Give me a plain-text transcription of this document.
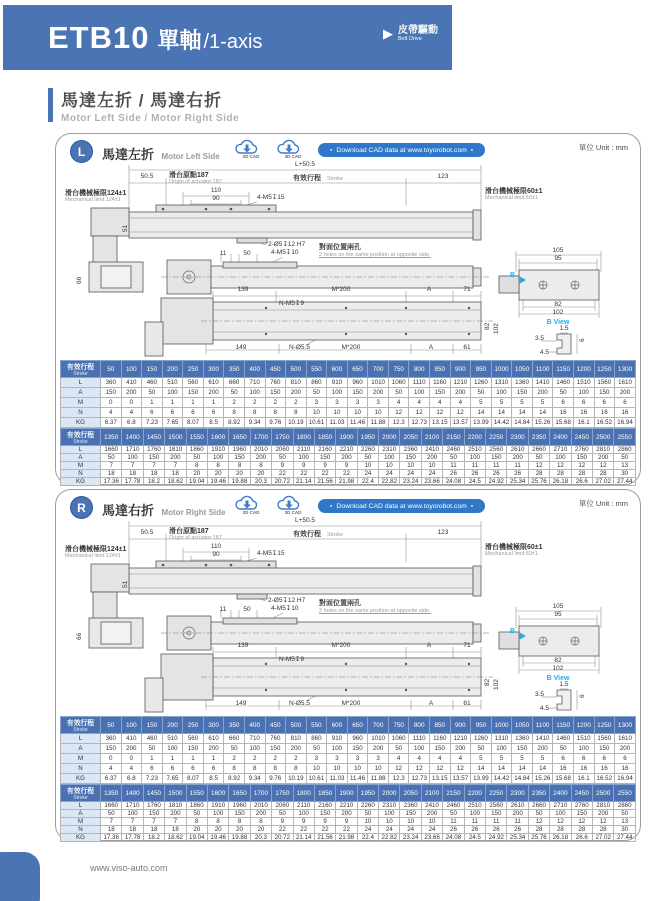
ETB10 單軸 /1-axis	▶ 皮帶驅動
Belt Drive
馬達左折 / 馬達右折
Motor Left Side / Motor Right Side
L	馬達左折 Motor Left Side	2D CAD	3D CAD
● Download CAD data at www.toyorobot.com ●	單位 Unit : mm
L+50.5
50.5 滑台原點187
Origin of actuator:187	有效行程 Stroke	123
滑台機械極限124±1
Mechanical limit:124±1
滑台機械極限60±1
Mechanical limit:60±1
110
90	4-M5↧15
51
2-Ø5↧12 H7
11	50	4-M5↧10
對面位置兩孔
2 holes on the same position at opposite side.
66
139	M*200	A	71
N-M5↧9
82 102
149	N-Ø5.5	M*200	A	61
105
95
B
82
102
B View
1.5
3.5
4.5
6
有效行程
Stroke	50	100	150	200	250	300	350	400	450	500	550	600	650	700	750	800	850	900	950	1000	1050	1100	1150	1200	1250	1300
L	360	410	460	510	560	610	660	710	760	810	860	910	960	1010	1060	1110	1160	1210	1260	1310	1360	1410	1460	1510	1560	1610
A	150	200	50	100	150	200	50	100	150	200	50	100	150	200	50	100	150	200	50	100	150	200	50	100	150	200
M	0	0	1	1	1	1	2	2	2	2	3	3	3	3	4	4	4	4	5	5	5	5	6	6	6	6
N	4	4	6	6	6	6	8	8	8	8	10	10	10	10	12	12	12	12	14	14	14	14	16	16	16	16
KG	6.37	6.8	7.23	7.65	8.07	8.5	8.92	9.34	9.76	10.19	10.61	11.03	11.46	11.88	12.3	12.73	13.15	13.57	13.99	14.42	14.84	15.26	15.68	16.1	16.52	16.94
有效行程
Stroke	1350	1400	1450	1500	1550	1600	1650	1700	1750	1800	1850	1900	1950	2000	2050	2100	2150	2200	2250	2300	2350	2400	2450	2500	2550
L	1660	1710	1760	1810	1860	1910	1960	2010	2060	2110	2160	2210	2260	2310	2360	2410	2460	2510	2560	2610	2660	2710	2760	2810	2860
A	50	100	150	200	50	100	150	200	50	100	150	200	50	100	150	200	50	100	150	200	50	100	150	200	50
M	7	7	7	7	8	8	8	8	9	9	9	9	10	10	10	10	11	11	11	11	12	12	12	12	13
N	18	18	18	18	20	20	20	20	22	22	22	22	24	24	24	24	26	26	26	26	28	28	28	28	30
KG	17.36	17.78	18.2	18.62	19.04	19.46	19.88	20.3	20.72	21.14	21.56	21.98	22.4	22.82	23.24	23.66	24.08	24.5	24.92	25.34	25.76	26.18	26.6	27.02	27.44
R	馬達右折 Motor Right Side	2D CAD	3D CAD
● Download CAD data at www.toyorobot.com ●	單位 Unit : mm
L+50.5
50.5 滑台原點187
Origin of actuator:187	有效行程 Stroke	123
滑台機械極限124±1
Mechanical limit:124±1
滑台機械極限60±1
Mechanical limit:60±1
110
90	4-M5↧15
51
2-Ø5↧12 H7
11	50	4-M5↧10
對面位置兩孔
2 holes on the same position at opposite side.
66
139	M*200	A	71
N-M5↧9
82 102
149	N-Ø5.5	M*200	A	61
105
95
B
82
102
B View
1.5
3.5
4.5
6
有效行程
Stroke	50	100	150	200	250	300	350	400	450	500	550	600	650	700	750	800	850	900	950	1000	1050	1100	1150	1200	1250	1300
L	360	410	460	510	560	610	660	710	760	810	860	910	960	1010	1060	1110	1160	1210	1260	1310	1360	1410	1460	1510	1560	1610
A	150	200	50	100	150	200	50	100	150	200	50	100	150	200	50	100	150	200	50	100	150	200	50	100	150	200
M	0	0	1	1	1	1	2	2	2	2	3	3	3	3	4	4	4	4	5	5	5	5	6	6	6	6
N	4	4	6	6	6	6	8	8	8	8	10	10	10	10	12	12	12	12	14	14	14	14	16	16	16	16
KG	6.37	6.8	7.23	7.65	8.07	8.5	8.92	9.34	9.76	10.19	10.61	11.03	11.46	11.88	12.3	12.73	13.15	13.57	13.99	14.42	14.84	15.26	15.68	16.1	16.52	16.94
有效行程
Stroke	1350	1400	1450	1500	1550	1600	1650	1700	1750	1800	1850	1900	1950	2000	2050	2100	2150	2200	2250	2300	2350	2400	2450	2500	2550
L	1660	1710	1760	1810	1860	1910	1960	2010	2060	2110	2160	2210	2260	2310	2360	2410	2460	2510	2560	2610	2660	2710	2760	2810	2860
A	50	100	150	200	50	100	150	200	50	100	150	200	50	100	150	200	50	100	150	200	50	100	150	200	50
M	7	7	7	7	8	8	8	8	9	9	9	9	10	10	10	10	11	11	11	11	12	12	12	12	13
N	18	18	18	18	20	20	20	20	22	22	22	22	24	24	24	24	26	26	26	26	28	28	28	28	30
KG	17.36	17.78	18.2	18.62	19.04	19.46	19.88	20.3	20.72	21.14	21.56	21.98	22.4	22.82	23.24	23.66	24.08	24.5	24.92	25.34	25.76	26.18	26.6	27.02	27.44
www.viso-auto.com
